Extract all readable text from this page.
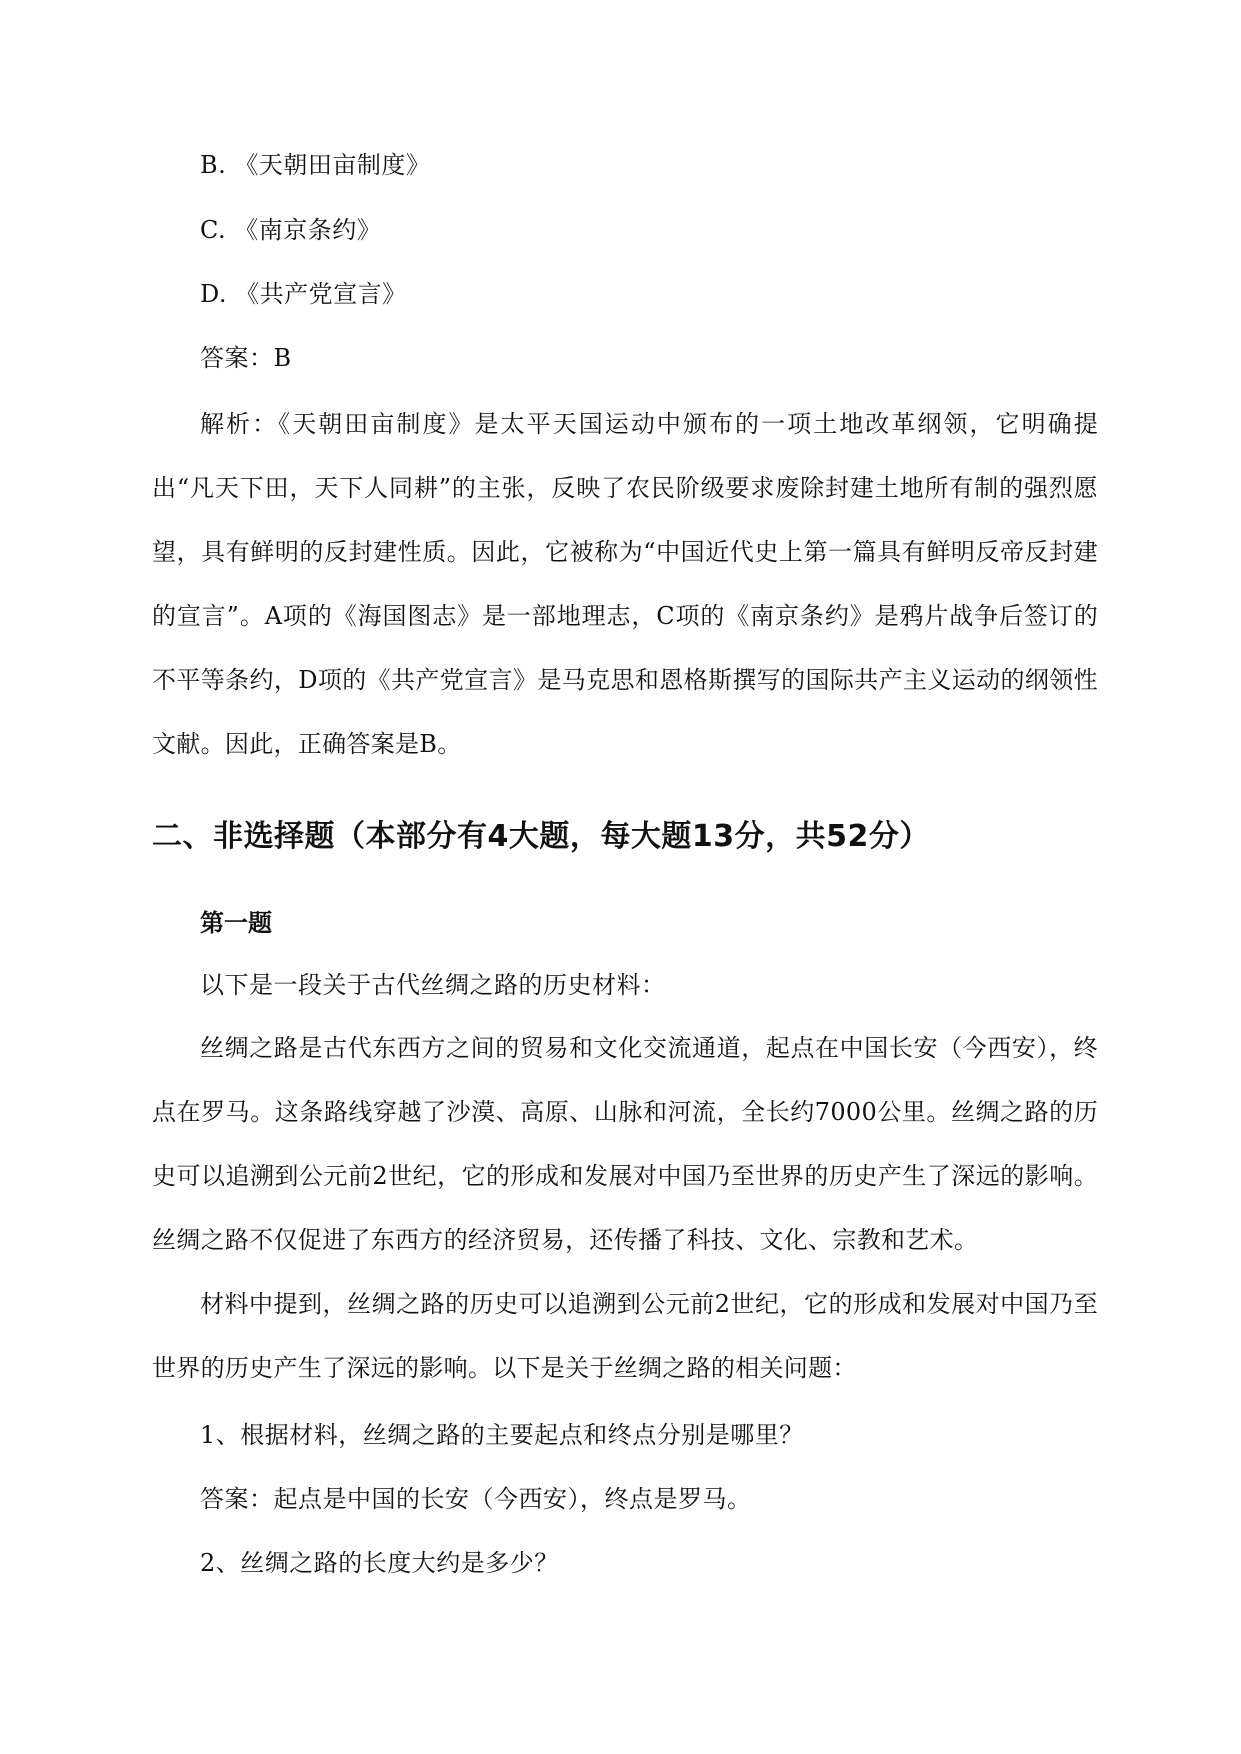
B. 《天朝田亩制度》
C. 《南京条约》
D. 《共产党宣言》
答案：B
解析：《天朝田亩制度》是太平天国运动中颁布的一项土地改革纲领，它明确提出“凡天下田，天下人同耕”的主张，反映了农民阶级要求废除封建土地所有制的强烈愿望，具有鲜明的反封建性质。因此，它被称为“中国近代史上第一篇具有鲜明反帝反封建的宣言”。A项的《海国图志》是一部地理志，C项的《南京条约》是鸦片战争后签订的不平等条约，D项的《共产党宣言》是马克思和恩格斯撰写的国际共产主义运动的纲领性文献。因此，正确答案是B。
二、非选择题（本部分有4大题，每大题13分，共52分）
第一题
以下是一段关于古代丝绸之路的历史材料：
丝绸之路是古代东西方之间的贸易和文化交流通道，起点在中国长安（今西安），终点在罗马。这条路线穿越了沙漠、高原、山脉和河流，全长约7000公里。丝绸之路的历史可以追溯到公元前2世纪，它的形成和发展对中国乃至世界的历史产生了深远的影响。丝绸之路不仅促进了东西方的经济贸易，还传播了科技、文化、宗教和艺术。
材料中提到，丝绸之路的历史可以追溯到公元前2世纪，它的形成和发展对中国乃至世界的历史产生了深远的影响。以下是关于丝绸之路的相关问题：
1、根据材料，丝绸之路的主要起点和终点分别是哪里？
答案：起点是中国的长安（今西安），终点是罗马。
2、丝绸之路的长度大约是多少？
